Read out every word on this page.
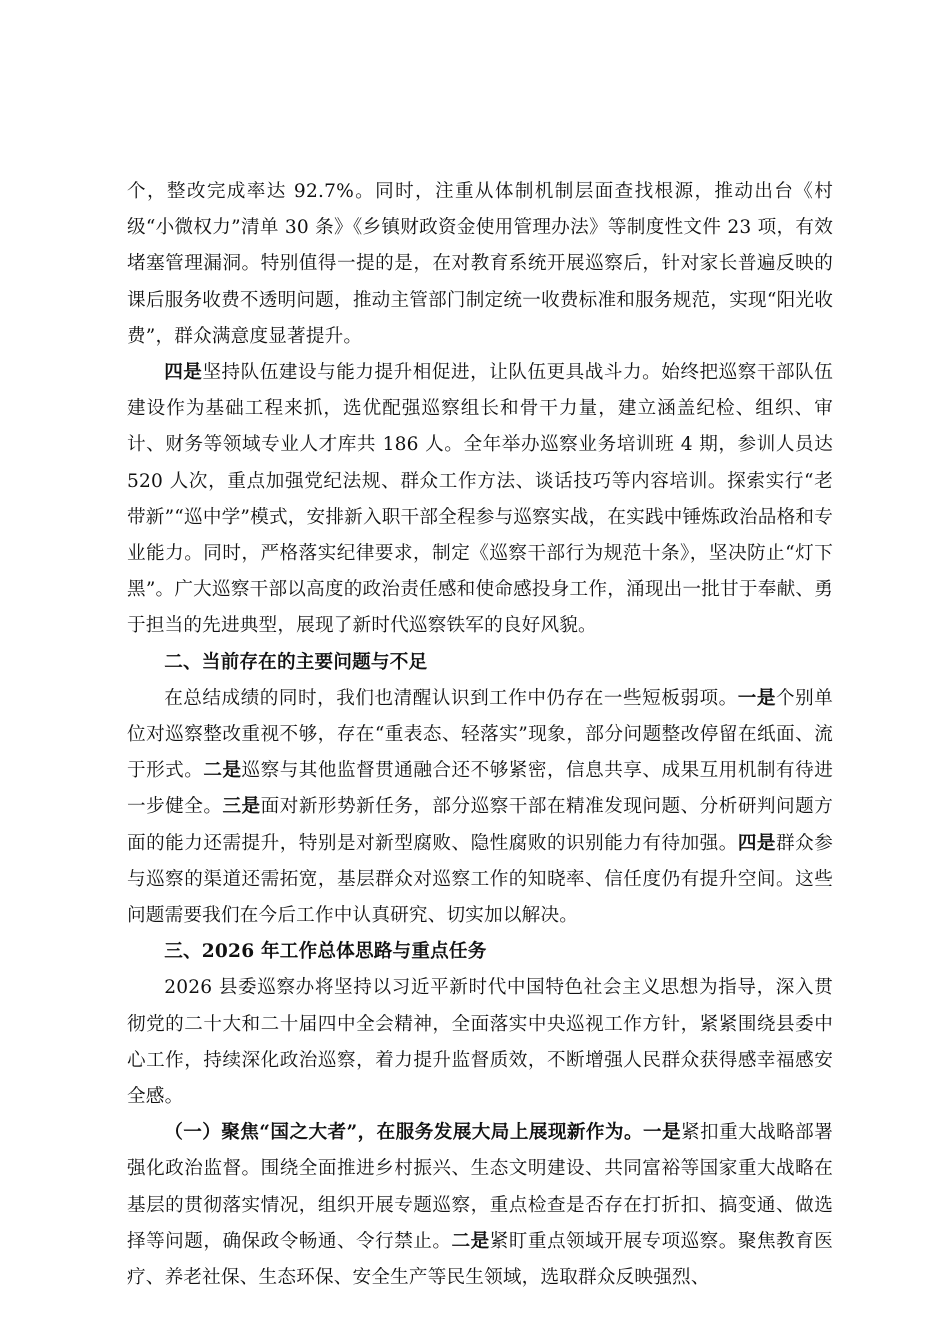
个，整改完成率达 92.7%。同时，注重从体制机制层面查找根源，推动出台《村级“小微权力”清单 30 条》《乡镇财政资金使用管理办法》等制度性文件 23 项，有效堵塞管理漏洞。特别值得一提的是，在对教育系统开展巡察后，针对家长普遍反映的课后服务收费不透明问题，推动主管部门制定统一收费标准和服务规范，实现“阳光收费”，群众满意度显著提升。

四是坚持队伍建设与能力提升相促进，让队伍更具战斗力。始终把巡察干部队伍建设作为基础工程来抓，选优配强巡察组长和骨干力量，建立涵盖纪检、组织、审计、财务等领域专业人才库共 186 人。全年举办巡察业务培训班 4 期，参训人员达 520 人次，重点加强党纪法规、群众工作方法、谈话技巧等内容培训。探索实行“老带新”“巡中学”模式，安排新入职干部全程参与巡察实战，在实践中锤炼政治品格和专业能力。同时，严格落实纪律要求，制定《巡察干部行为规范十条》，坚决防止“灯下黑”。广大巡察干部以高度的政治责任感和使命感投身工作，涌现出一批甘于奉献、勇于担当的先进典型，展现了新时代巡察铁军的良好风貌。

二、当前存在的主要问题与不足

在总结成绩的同时，我们也清醒认识到工作中仍存在一些短板弱项。一是个别单位对巡察整改重视不够，存在“重表态、轻落实”现象，部分问题整改停留在纸面、流于形式。二是巡察与其他监督贯通融合还不够紧密，信息共享、成果互用机制有待进一步健全。三是面对新形势新任务，部分巡察干部在精准发现问题、分析研判问题方面的能力还需提升，特别是对新型腐败、隐性腐败的识别能力有待加强。四是群众参与巡察的渠道还需拓宽，基层群众对巡察工作的知晓率、信任度仍有提升空间。这些问题需要我们在今后工作中认真研究、切实加以解决。

三、2026 年工作总体思路与重点任务

2026 县委巡察办将坚持以习近平新时代中国特色社会主义思想为指导，深入贯彻党的二十大和二十届四中全会精神，全面落实中央巡视工作方针，紧紧围绕县委中心工作，持续深化政治巡察，着力提升监督质效，不断增强人民群众获得感幸福感安全感。

（一）聚焦“国之大者”，在服务发展大局上展现新作为。一是紧扣重大战略部署强化政治监督。围绕全面推进乡村振兴、生态文明建设、共同富裕等国家重大战略在基层的贯彻落实情况，组织开展专题巡察，重点检查是否存在打折扣、搞变通、做选择等问题，确保政令畅通、令行禁止。二是紧盯重点领域开展专项巡察。聚焦教育医疗、养老社保、生态环保、安全生产等民生领域，选取群众反映强烈、
